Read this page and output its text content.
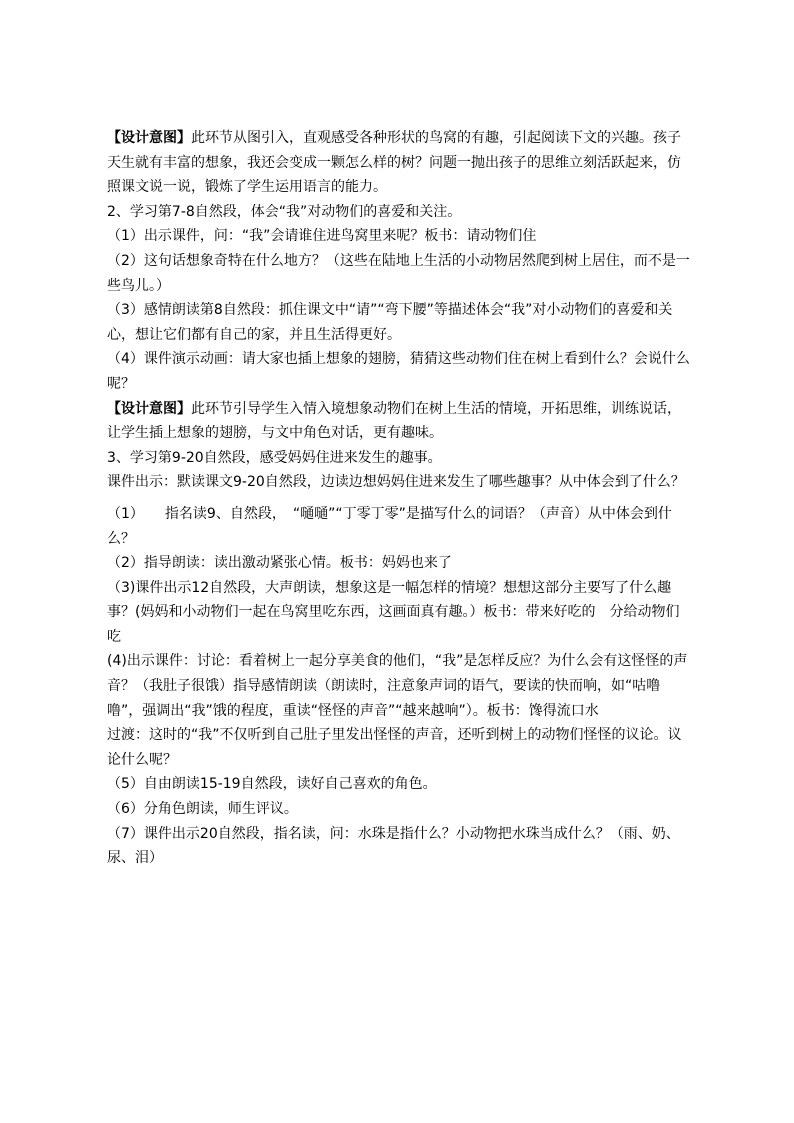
【设计意图】此环节从图引入，直观感受各种形状的鸟窝的有趣，引起阅读下文的兴趣。孩子天生就有丰富的想象，我还会变成一颗怎么样的树？问题一抛出孩子的思维立刻活跃起来，仿照课文说一说，锻炼了学生运用语言的能力。

2、学习第7-8自然段，体会“我”对动物们的喜爱和关注。

（1）出示课件，问：“我”会请谁住进鸟窝里来呢？板书：请动物们住

（2）这句话想象奇特在什么地方？（这些在陆地上生活的小动物居然爬到树上居住，而不是一些鸟儿。）

（3）感情朗读第8自然段：抓住课文中“请”“弯下腰”等描述体会“我”对小动物们的喜爱和关心，想让它们都有自己的家，并且生活得更好。

（4）课件演示动画：请大家也插上想象的翅膀，猜猜这些动物们住在树上看到什么？会说什么呢？

【设计意图】此环节引导学生入情入境想象动物们在树上生活的情境，开拓思维，训练说话，让学生插上想象的翅膀，与文中角色对话，更有趣味。

3、学习第9-20自然段，感受妈妈住进来发生的趣事。

课件出示：默读课文9-20自然段，边读边想妈妈住进来发生了哪些趣事？从中体会到了什么？

（1）　　指名读9、自然段，　“嗵嗵”“丁零丁零”是描写什么的词语？（声音）从中体会到什么？

（2）指导朗读：读出激动紧张心情。板书：妈妈也来了

（3)课件出示12自然段，大声朗读，想象这是一幅怎样的情境？想想这部分主要写了什么趣事？(妈妈和小动物们一起在鸟窝里吃东西，这画面真有趣。）板书：带来好吃的　分给动物们吃

(4)出示课件：讨论：看着树上一起分享美食的他们，“我”是怎样反应？为什么会有这怪怪的声音？（我肚子很饿）指导感情朗读（朗读时，注意象声词的语气，要读的快而响，如“咕噜噜”，强调出“我”饿的程度，重读“怪怪的声音”“越来越响”）。板书：馋得流口水

过渡：这时的“我”不仅听到自己肚子里发出怪怪的声音，还听到树上的动物们怪怪的议论。议论什么呢？

（5）自由朗读15-19自然段，读好自己喜欢的角色。

（6）分角色朗读，师生评议。

（7）课件出示20自然段，指名读，问：水珠是指什么？小动物把水珠当成什么？（雨、奶、尿、泪）
